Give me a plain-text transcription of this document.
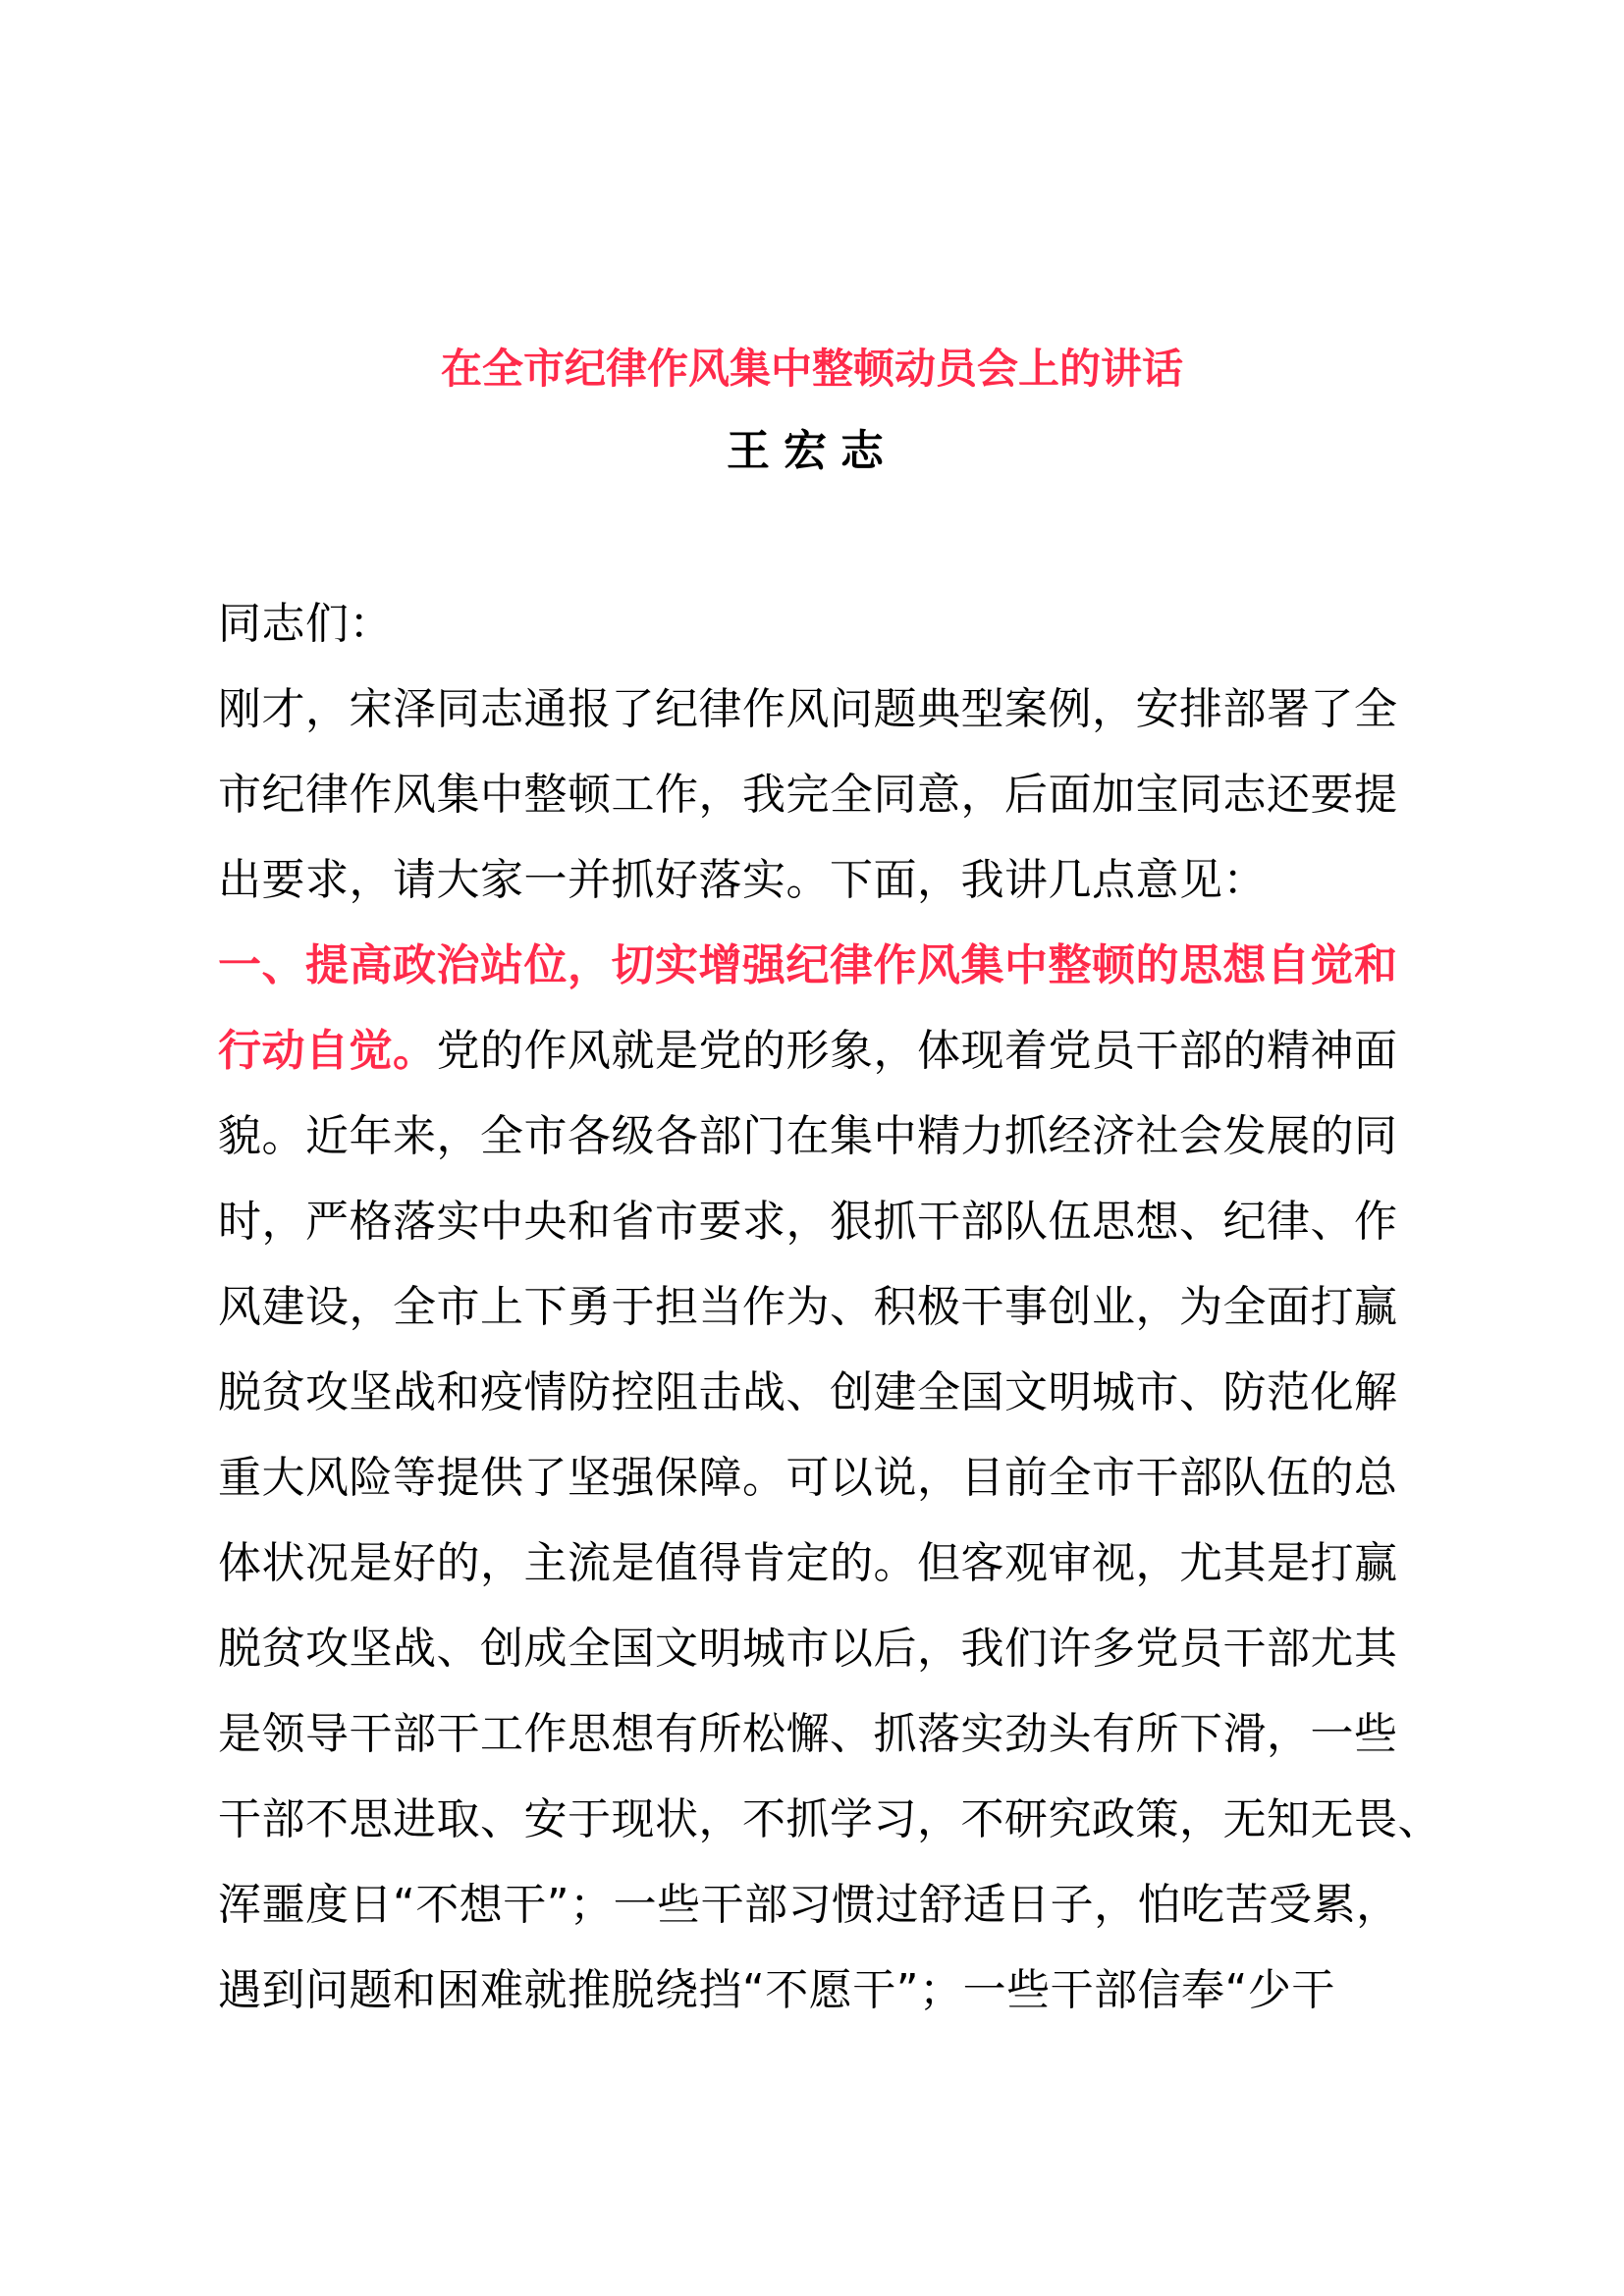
在全市纪律作风集中整顿动员会上的讲话
王宏志
同志们：
刚才，宋泽同志通报了纪律作风问题典型案例，安排部署了全
市纪律作风集中整顿工作，我完全同意，后面加宝同志还要提
出要求，请大家一并抓好落实。下面，我讲几点意见：
一、提高政治站位，切实增强纪律作风集中整顿的思想自觉和
行动自觉。党的作风就是党的形象，体现着党员干部的精神面
貌。近年来，全市各级各部门在集中精力抓经济社会发展的同
时，严格落实中央和省市要求，狠抓干部队伍思想、纪律、作
风建设，全市上下勇于担当作为、积极干事创业，为全面打赢
脱贫攻坚战和疫情防控阻击战、创建全国文明城市、防范化解
重大风险等提供了坚强保障。可以说，目前全市干部队伍的总
体状况是好的，主流是值得肯定的。但客观审视，尤其是打赢
脱贫攻坚战、创成全国文明城市以后，我们许多党员干部尤其
是领导干部干工作思想有所松懈、抓落实劲头有所下滑，一些
干部不思进取、安于现状，不抓学习，不研究政策，无知无畏、
浑噩度日“不想干”；一些干部习惯过舒适日子，怕吃苦受累，
遇到问题和困难就推脱绕挡“不愿干”；一些干部信奉“少干
